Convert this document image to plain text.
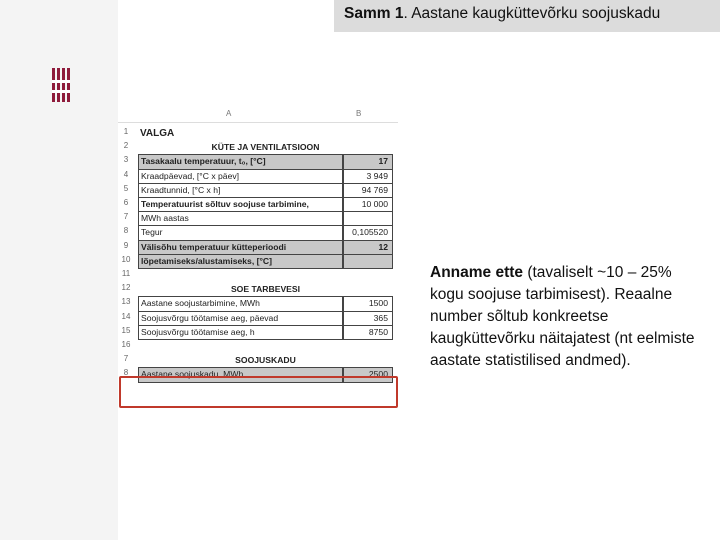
Samm 1. Aastane kaugküttevõrku soojuskadu
A	B
1	VALGA
2	KÜTE JA VENTILATSIOON
3	Tasakaalu temperatuur, t₀, [°C]	17
4	Kraadpäevad, [°C x päev]	3 949
5	Kraadtunnid, [°C x h]	94 769
6	Temperatuurist sõltuv soojuse tarbimine,	10 000
7	MWh aastas
8	Tegur	0,105520
9	Välisõhu temperatuur kütteperioodi	12
10	lõpetamiseks/alustamiseks, [°C]
11
12	SOE TARBEVESI
13	Aastane soojustarbimine, MWh	1500
14	Soojusvõrgu töötamise aeg, päevad	365
15	Soojusvõrgu töötamise aeg, h	8750
16
7	SOOJUSKADU
8	Aastane soojuskadu, MWh	2500
Anname ette (tavaliselt ~10 – 25% kogu soojuse tarbimisest). Reaalne number sõltub konkreetse kaugküttevõrku näitajatest (nt eelmiste aastate statistilised andmed).
